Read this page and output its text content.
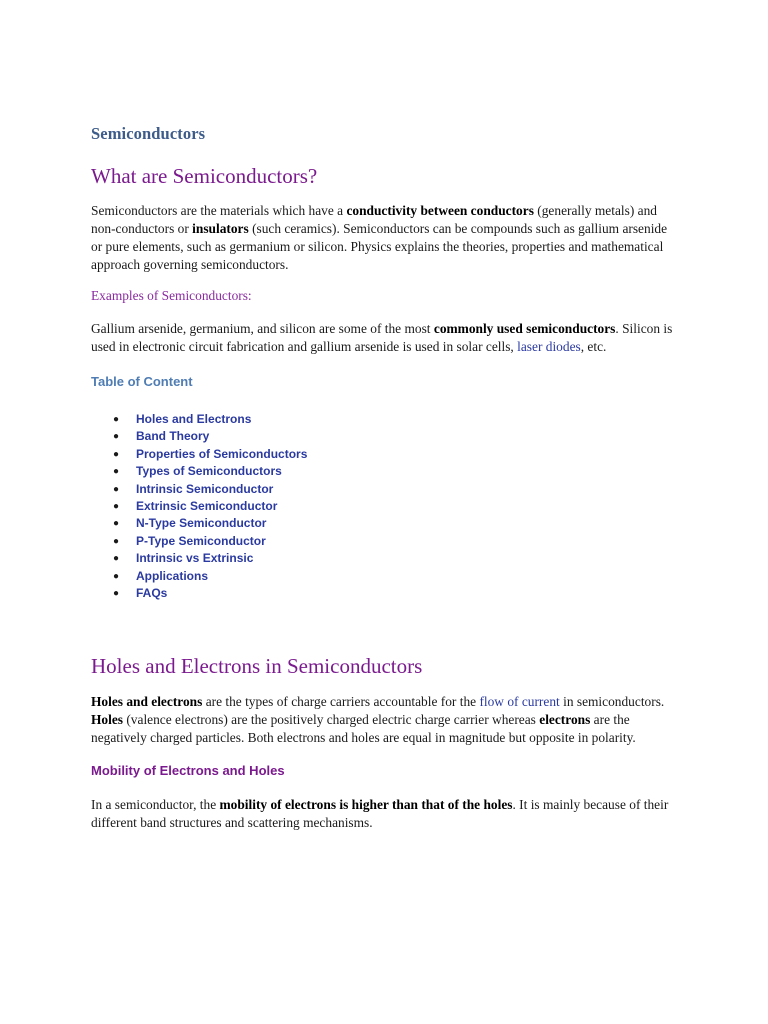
Semiconductors
What are Semiconductors?

Semiconductors are the materials which have a conductivity between conductors (generally metals) and non-conductors or insulators (such ceramics). Semiconductors can be compounds such as gallium arsenide or pure elements, such as germanium or silicon. Physics explains the theories, properties and mathematical approach governing semiconductors.

Examples of Semiconductors:

Gallium arsenide, germanium, and silicon are some of the most commonly used semiconductors. Silicon is used in electronic circuit fabrication and gallium arsenide is used in solar cells, laser diodes, etc.

Table of Content
● Holes and Electrons
● Band Theory
● Properties of Semiconductors
● Types of Semiconductors
● Intrinsic Semiconductor
● Extrinsic Semiconductor
● N-Type Semiconductor
● P-Type Semiconductor
● Intrinsic vs Extrinsic
● Applications
● FAQs
Holes and Electrons in Semiconductors

Holes and electrons are the types of charge carriers accountable for the flow of current in semiconductors. Holes (valence electrons) are the positively charged electric charge carrier whereas electrons are the negatively charged particles. Both electrons and holes are equal in magnitude but opposite in polarity.

Mobility of Electrons and Holes

In a semiconductor, the mobility of electrons is higher than that of the holes. It is mainly because of their different band structures and scattering mechanisms.
